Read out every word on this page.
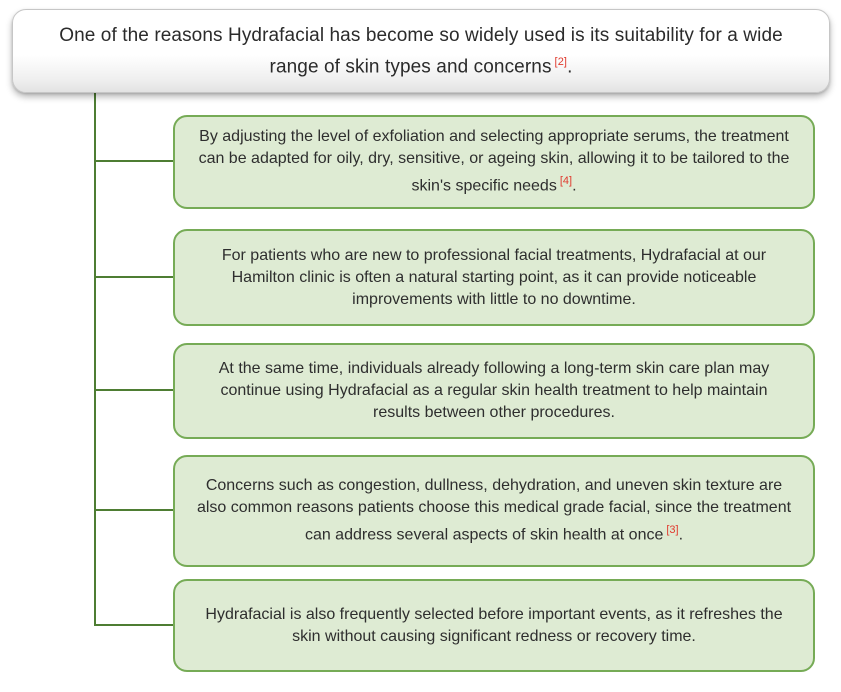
One of the reasons Hydrafacial has become so widely used is its suitability for a wide range of skin types and concerns [2].

By adjusting the level of exfoliation and selecting appropriate serums, the treatment can be adapted for oily, dry, sensitive, or ageing skin, allowing it to be tailored to the skin's specific needs [4].

For patients who are new to professional facial treatments, Hydrafacial at our Hamilton clinic is often a natural starting point, as it can provide noticeable improvements with little to no downtime.

At the same time, individuals already following a long-term skin care plan may continue using Hydrafacial as a regular skin health treatment to help maintain results between other procedures.

Concerns such as congestion, dullness, dehydration, and uneven skin texture are also common reasons patients choose this medical grade facial, since the treatment can address several aspects of skin health at once [3].

Hydrafacial is also frequently selected before important events, as it refreshes the skin without causing significant redness or recovery time.
